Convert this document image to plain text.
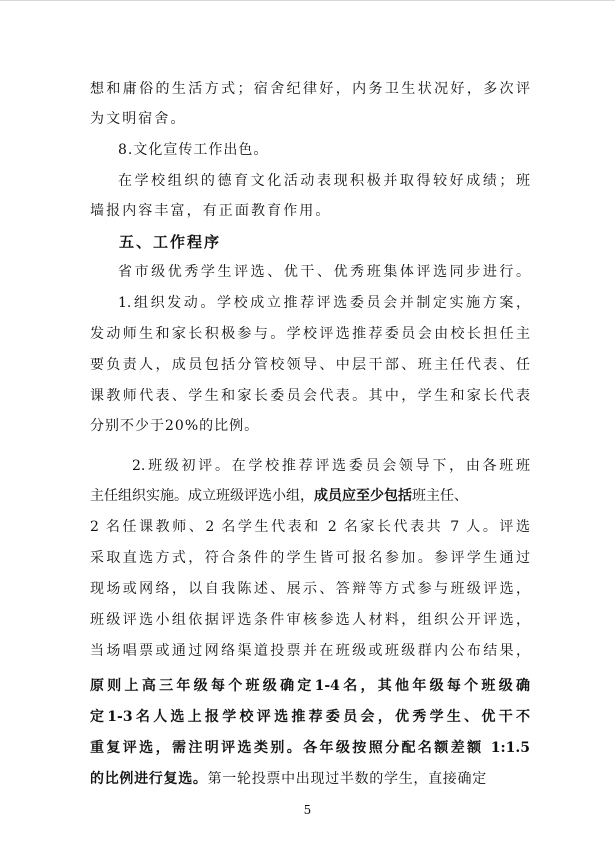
想和庸俗的生活方式；宿舍纪律好，内务卫生状况好，多次评
为文明宿舍。
8.文化宣传工作出色。
在学校组织的德育文化活动表现积极并取得较好成绩；班
墙报内容丰富，有正面教育作用。
五、工作程序
省市级优秀学生评选、优干、优秀班集体评选同步进行。
1.组织发动。学校成立推荐评选委员会并制定实施方案，
发动师生和家长积极参与。学校评选推荐委员会由校长担任主
要负责人，成员包括分管校领导、中层干部、班主任代表、任
课教师代表、学生和家长委员会代表。其中，学生和家长代表
分别不少于20%的比例。
2.班级初评。在学校推荐评选委员会领导下，由各班班
主任组织实施。成立班级评选小组，成员应至少包括班主任、
2 名任课教师、2 名学生代表和 2 名家长代表共 7 人。评选
采取直选方式，符合条件的学生皆可报名参加。参评学生通过
现场或网络，以自我陈述、展示、答辩等方式参与班级评选，
班级评选小组依据评选条件审核参选人材料，组织公开评选，
当场唱票或通过网络渠道投票并在班级或班级群内公布结果，
原则上高三年级每个班级确定1-4名，其他年级每个班级确
定1-3名人选上报学校评选推荐委员会，优秀学生、优干不
重复评选，需注明评选类别。各年级按照分配名额差额 1:1.5
的比例进行复选。第一轮投票中出现过半数的学生，直接确定
5
